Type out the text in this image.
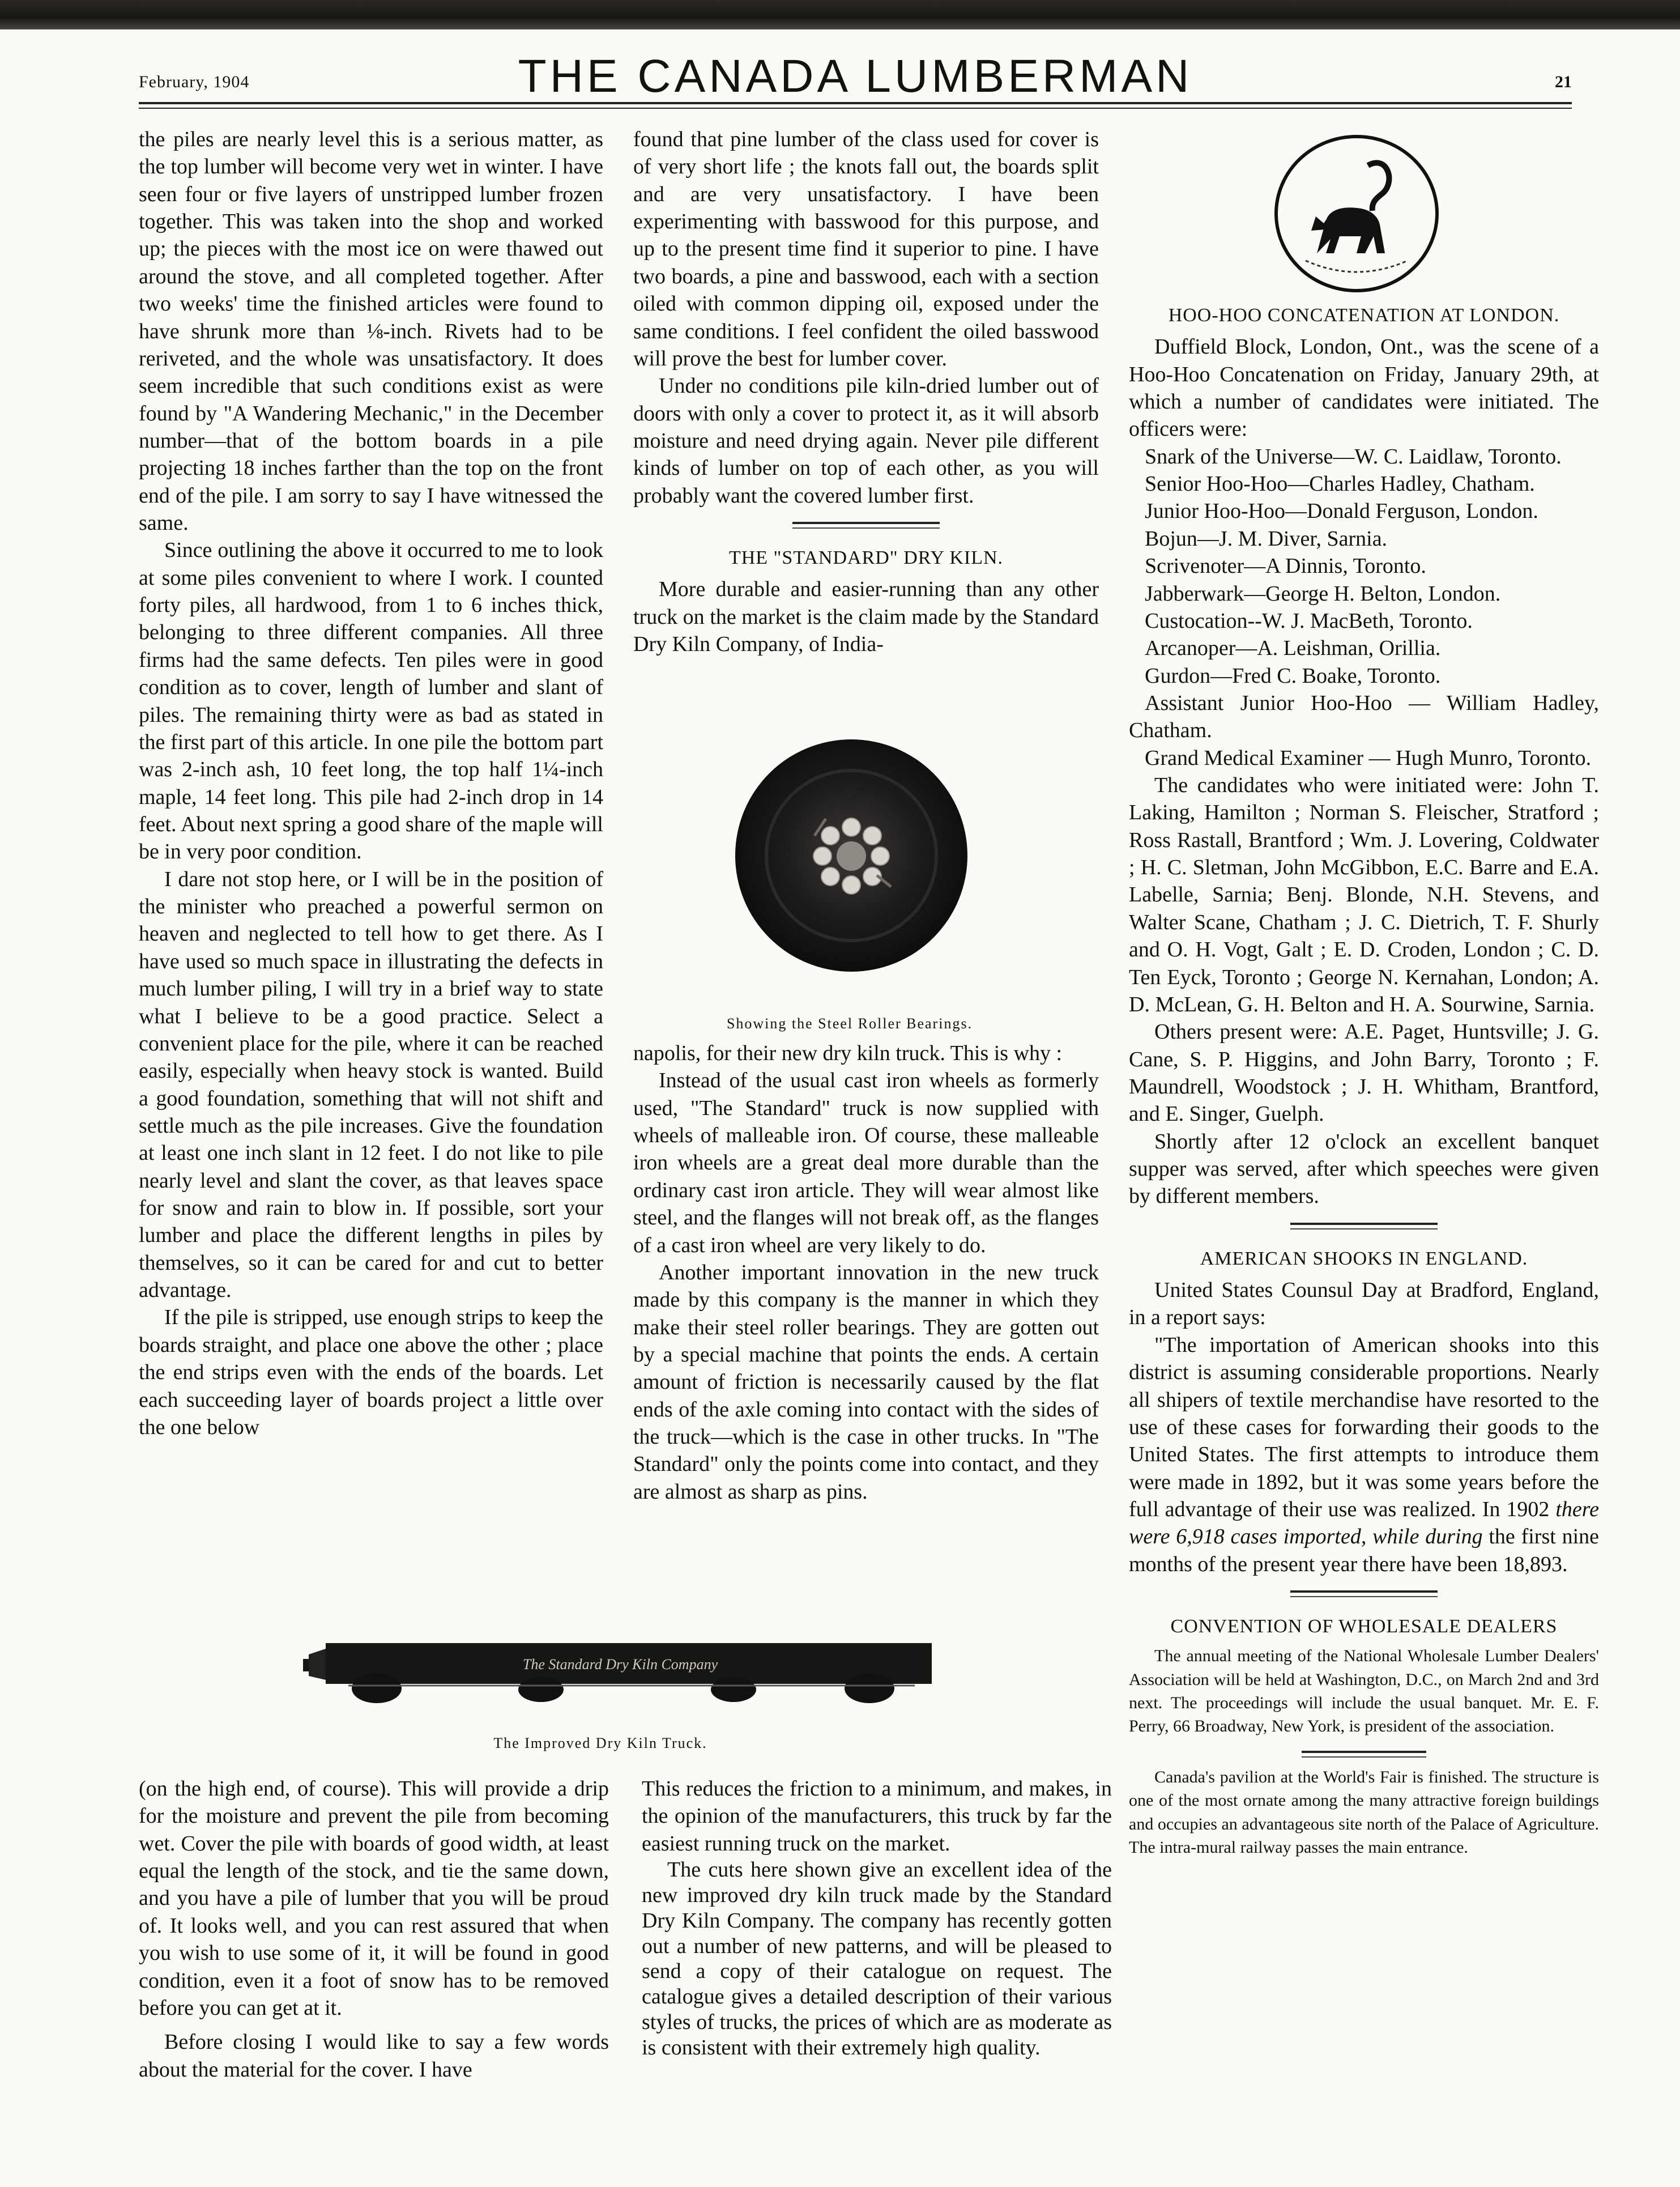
February, 1904	THE CANADA LUMBERMAN	21

the piles are nearly level this is a serious matter, as the top lumber will become very wet in winter. I have seen four or five layers of unstripped lumber frozen together. This was taken into the shop and worked up; the pieces with the most ice on were thawed out around the stove, and all completed together. After two weeks' time the finished articles were found to have shrunk more than ⅛-inch. Rivets had to be reriveted, and the whole was unsatisfactory. It does seem incredible that such conditions exist as were found by "A Wandering Mechanic," in the December number—that of the bottom boards in a pile projecting 18 inches farther than the top on the front end of the pile. I am sorry to say I have witnessed the same.

Since outlining the above it occurred to me to look at some piles convenient to where I work. I counted forty piles, all hardwood, from 1 to 6 inches thick, belonging to three different companies. All three firms had the same defects. Ten piles were in good condition as to cover, length of lumber and slant of piles. The remaining thirty were as bad as stated in the first part of this article. In one pile the bottom part was 2-inch ash, 10 feet long, the top half 1¼-inch maple, 14 feet long. This pile had 2-inch drop in 14 feet. About next spring a good share of the maple will be in very poor condition.

I dare not stop here, or I will be in the position of the minister who preached a powerful sermon on heaven and neglected to tell how to get there. As I have used so much space in illustrating the defects in much lumber piling, I will try in a brief way to state what I believe to be a good practice. Select a convenient place for the pile, where it can be reached easily, especially when heavy stock is wanted. Build a good foundation, something that will not shift and settle much as the pile increases. Give the foundation at least one inch slant in 12 feet. I do not like to pile nearly level and slant the cover, as that leaves space for snow and rain to blow in. If possible, sort your lumber and place the different lengths in piles by themselves, so it can be cared for and cut to better advantage.

If the pile is stripped, use enough strips to keep the boards straight, and place one above the other ; place the end strips even with the ends of the boards. Let each succeeding layer of boards project a little over the one below

found that pine lumber of the class used for cover is of very short life ; the knots fall out, the boards split and are very unsatisfactory. I have been experimenting with basswood for this purpose, and up to the present time find it superior to pine. I have two boards, a pine and basswood, each with a section oiled with common dipping oil, exposed under the same conditions. I feel confident the oiled basswood will prove the best for lumber cover.

Under no conditions pile kiln-dried lumber out of doors with only a cover to protect it, as it will absorb moisture and need drying again. Never pile different kinds of lumber on top of each other, as you will probably want the covered lumber first.

THE "STANDARD" DRY KILN.

More durable and easier-running than any other truck on the market is the claim made by the Standard Dry Kiln Company, of India-

Showing the Steel Roller Bearings.

napolis, for their new dry kiln truck. This is why :

Instead of the usual cast iron wheels as formerly used, "The Standard" truck is now supplied with wheels of malleable iron. Of course, these malleable iron wheels are a great deal more durable than the ordinary cast iron article. They will wear almost like steel, and the flanges will not break off, as the flanges of a cast iron wheel are very likely to do.

Another important innovation in the new truck made by this company is the manner in which they make their steel roller bearings. They are gotten out by a special machine that points the ends. A certain amount of friction is necessarily caused by the flat ends of the axle coming into contact with the sides of the truck—which is the case in other trucks. In "The Standard" only the points come into contact, and they are almost as sharp as pins.

HOO-HOO CONCATENATION AT LONDON.

Duffield Block, London, Ont., was the scene of a Hoo-Hoo Concatenation on Friday, January 29th, at which a number of candidates were initiated. The officers were:

Snark of the Universe—W. C. Laidlaw, Toronto.

Senior Hoo-Hoo—Charles Hadley, Chatham.

Junior Hoo-Hoo—Donald Ferguson, London.

Bojun—J. M. Diver, Sarnia.

Scrivenoter—A Dinnis, Toronto.

Jabberwark—George H. Belton, London.

Custocation--W. J. MacBeth, Toronto.

Arcanoper—A. Leishman, Orillia.

Gurdon—Fred C. Boake, Toronto.

Assistant Junior Hoo-Hoo — William Hadley, Chatham.

Grand Medical Examiner — Hugh Munro, Toronto.

The candidates who were initiated were: John T. Laking, Hamilton ; Norman S. Fleischer, Stratford ; Ross Rastall, Brantford ; Wm. J. Lovering, Coldwater ; H. C. Sletman, John McGibbon, E.C. Barre and E.A. Labelle, Sarnia; Benj. Blonde, N.H. Stevens, and Walter Scane, Chatham ; J. C. Dietrich, T. F. Shurly and O. H. Vogt, Galt ; E. D. Croden, London ; C. D. Ten Eyck, Toronto ; George N. Kernahan, London; A. D. McLean, G. H. Belton and H. A. Sourwine, Sarnia.

Others present were: A.E. Paget, Huntsville; J. G. Cane, S. P. Higgins, and John Barry, Toronto ; F. Maundrell, Woodstock ; J. H. Whitham, Brantford, and E. Singer, Guelph.

Shortly after 12 o'clock an excellent banquet supper was served, after which speeches were given by different members.

AMERICAN SHOOKS IN ENGLAND.

United States Counsul Day at Bradford, England, in a report says:

"The importation of American shooks into this district is assuming considerable proportions. Nearly all shipers of textile merchandise have resorted to the use of these cases for forwarding their goods to the United States. The first attempts to introduce them were made in 1892, but it was some years before the full advantage of their use was realized. In 1902 there were 6,918 cases imported, while during the first nine months of the present year there have been 18,893.

CONVENTION OF WHOLESALE DEALERS

The annual meeting of the National Wholesale Lumber Dealers' Association will be held at Washington, D.C., on March 2nd and 3rd next. The proceedings will include the usual banquet. Mr. E. F. Perry, 66 Broadway, New York, is president of the association.

Canada's pavilion at the World's Fair is finished. The structure is one of the most ornate among the many attractive foreign buildings and occupies an advantageous site north of the Palace of Agriculture. The intra-mural railway passes the main entrance.

The Standard Dry Kiln Company
The Improved Dry Kiln Truck.

(on the high end, of course). This will provide a drip for the moisture and prevent the pile from becoming wet. Cover the pile with boards of good width, at least equal the length of the stock, and tie the same down, and you have a pile of lumber that you will be proud of. It looks well, and you can rest assured that when you wish to use some of it, it will be found in good condition, even it a foot of snow has to be removed before you can get at it.

Before closing I would like to say a few words about the material for the cover. I have

This reduces the friction to a minimum, and makes, in the opinion of the manufacturers, this truck by far the easiest running truck on the market.

The cuts here shown give an excellent idea of the new improved dry kiln truck made by the Standard Dry Kiln Company. The company has recently gotten out a number of new patterns, and will be pleased to send a copy of their catalogue on request. The catalogue gives a detailed description of their various styles of trucks, the prices of which are as moderate as is consistent with their extremely high quality.
